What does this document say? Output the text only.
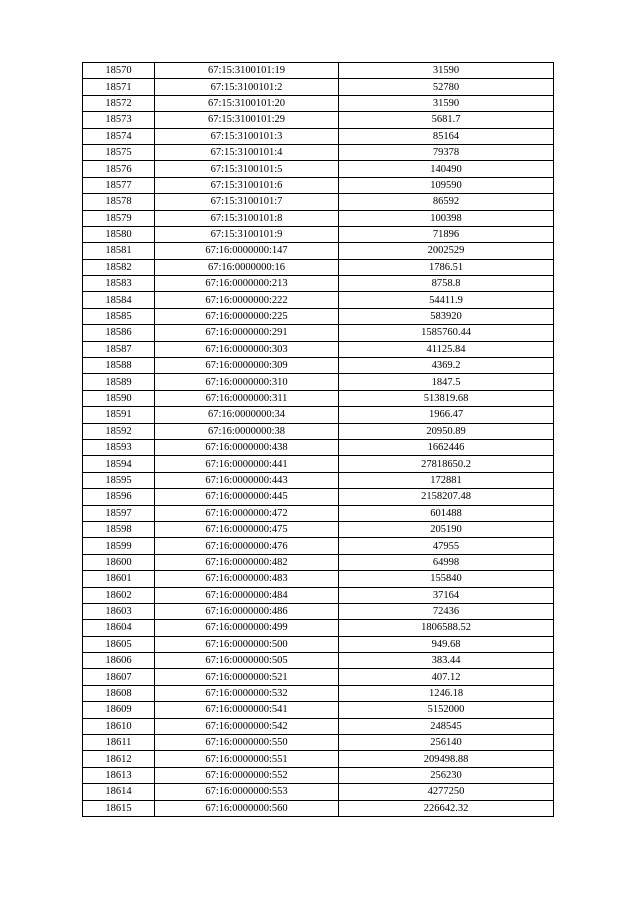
18570	67:15:3100101:19	31590
18571	67:15:3100101:2	52780
18572	67:15:3100101:20	31590
18573	67:15:3100101:29	5681.7
18574	67:15:3100101:3	85164
18575	67:15:3100101:4	79378
18576	67:15:3100101:5	140490
18577	67:15:3100101:6	109590
18578	67:15:3100101:7	86592
18579	67:15:3100101:8	100398
18580	67:15:3100101:9	71896
18581	67:16:0000000:147	2002529
18582	67:16:0000000:16	1786.51
18583	67:16:0000000:213	8758.8
18584	67:16:0000000:222	54411.9
18585	67:16:0000000:225	583920
18586	67:16:0000000:291	1585760.44
18587	67:16:0000000:303	41125.84
18588	67:16:0000000:309	4369.2
18589	67:16:0000000:310	1847.5
18590	67:16:0000000:311	513819.68
18591	67:16:0000000:34	1966.47
18592	67:16:0000000:38	20950.89
18593	67:16:0000000:438	1662446
18594	67:16:0000000:441	27818650.2
18595	67:16:0000000:443	172881
18596	67:16:0000000:445	2158207.48
18597	67:16:0000000:472	601488
18598	67:16:0000000:475	205190
18599	67:16:0000000:476	47955
18600	67:16:0000000:482	64998
18601	67:16:0000000:483	155840
18602	67:16:0000000:484	37164
18603	67:16:0000000:486	72436
18604	67:16:0000000:499	1806588.52
18605	67:16:0000000:500	949.68
18606	67:16:0000000:505	383.44
18607	67:16:0000000:521	407.12
18608	67:16:0000000:532	1246.18
18609	67:16:0000000:541	5152000
18610	67:16:0000000:542	248545
18611	67:16:0000000:550	256140
18612	67:16:0000000:551	209498.88
18613	67:16:0000000:552	256230
18614	67:16:0000000:553	4277250
18615	67:16:0000000:560	226642.32
